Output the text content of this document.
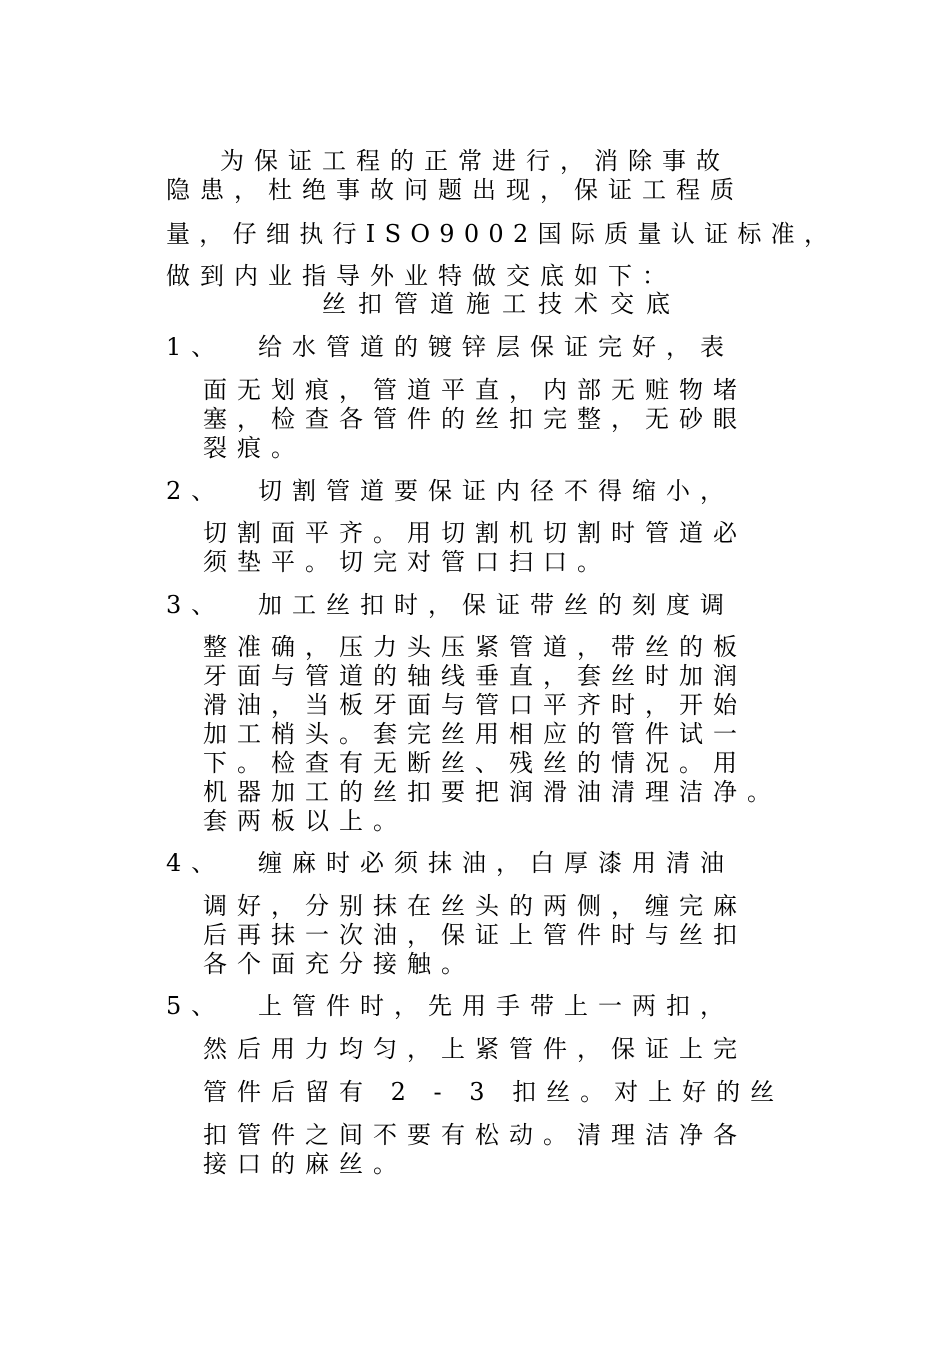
为保证工程的正常进行，消除事故
隐患，杜绝事故问题出现，保证工程质
量，仔细执行ISO9002国际质量认证标准，
做到内业指导外业特做交底如下：
丝扣管道施工技术交底
1、 给水管道的镀锌层保证完好，表
面无划痕，管道平直，内部无赃物堵
塞，检查各管件的丝扣完整，无砂眼
裂痕。
2、 切割管道要保证内径不得缩小，
切割面平齐。用切割机切割时管道必
须垫平。切完对管口扫口。
3、 加工丝扣时，保证带丝的刻度调
整准确，压力头压紧管道，带丝的板
牙面与管道的轴线垂直，套丝时加润
滑油，当板牙面与管口平齐时，开始
加工梢头。套完丝用相应的管件试一
下。检查有无断丝、残丝的情况。用
机器加工的丝扣要把润滑油清理洁净。
套两板以上。
4、 缠麻时必须抹油，白厚漆用清油
调好，分别抹在丝头的两侧，缠完麻
后再抹一次油，保证上管件时与丝扣
各个面充分接触。
5、 上管件时，先用手带上一两扣，
然后用力均匀，上紧管件，保证上完
管件后留有 2 - 3 扣丝。对上好的丝
扣管件之间不要有松动。清理洁净各
接口的麻丝。
